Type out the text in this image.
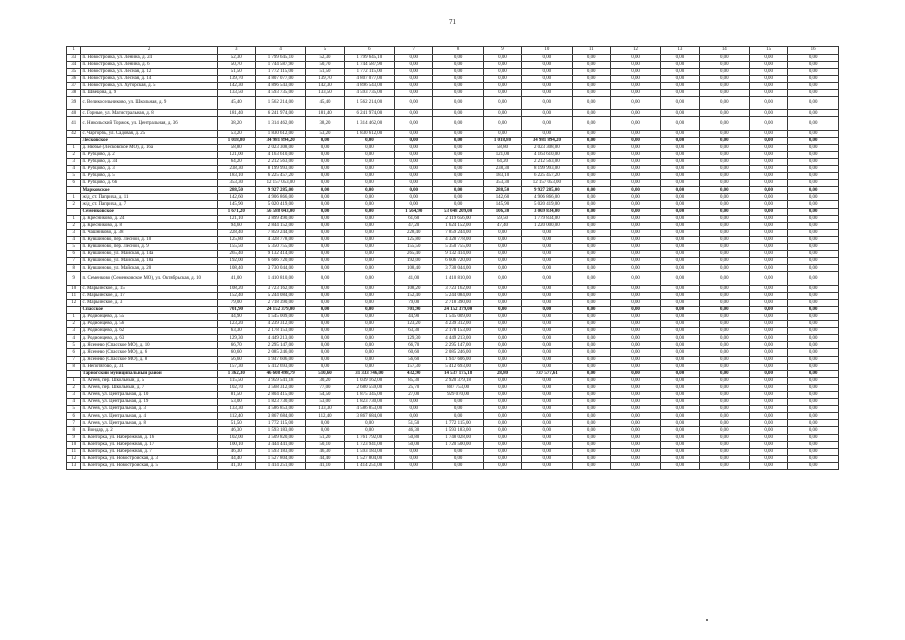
71
1	2	3	4	5	6	7	8	9	10	11	12	13	14	15	16
33	п. Новостройка, ул. Ленина, д. 24	52,30	1 799 645,10	52,30	1 799 645,10	0,00	0,00	0,00	0,00	0,00	0,00	0,00	0,00	0,00	0,00
34	п. Новостройка, ул. Ленина, д. 6	50,70	1 744 587,90	50,70	1 744 587,90	0,00	0,00	0,00	0,00	0,00	0,00	0,00	0,00	0,00	0,00
35	п. Новостройка, ул. Лесная, д. 12	51,50	1 772 115,00	51,50	1 772 115,00	0,00	0,00	0,00	0,00	0,00	0,00	0,00	0,00	0,00	0,00
36	п. Новостройка, ул. Лесная, д. 14	139,70	4 807 077,00	139,70	4 807 077,00	0,00	0,00	0,00	0,00	0,00	0,00	0,00	0,00	0,00	0,00
37	п. Новостройка, ул. Хуторская, д. 5	142,30	4 896 543,00	142,30	4 896 543,00	0,00	0,00	0,00	0,00	0,00	0,00	0,00	0,00	0,00	0,00
38	п. Швецова, д. 9	133,50	4 593 735,00	133,50	4 593 735,00	0,00	0,00	0,00	0,00	0,00	0,00	0,00	0,00	0,00	0,00
39	с. Великосельниково, ул. Школьная, д. 9	45,40	1 562 214,00	45,40	1 562 214,00	0,00	0,00	0,00	0,00	0,00	0,00	0,00	0,00	0,00	0,00
40	с. Горные, ул. Магистральная, д. 8	181,40	6 241 974,00	181,40	6 241 974,00	0,00	0,00	0,00	0,00	0,00	0,00	0,00	0,00	0,00	0,00
41	с. Никольский Торжок, ул. Центральная, д. 36	38,20	1 314 462,00	38,20	1 314 462,00	0,00	0,00	0,00	0,00	0,00	0,00	0,00	0,00	0,00	0,00
42	с. Чаргорбь, ул. Садовая, д. 25	53,20	1 830 612,00	53,20	1 830 612,00	0,00	0,00	0,00	0,00	0,00	0,00	0,00	0,00	0,00	0,00
	Лесковское	1 018,80	34 981 894,20	0,00	0,00	0,00	0,00	1 018,80	34 981 894,20	0,00	0,00	0,00	0,00	0,00	0,00
1	д. Нюбье (Лесковское МО), д. 16а	58,80	2 023 308,00	0,00	0,00	0,00	0,00	58,80	2 023 308,00	0,00	0,00	0,00	0,00	0,00	0,00
2	п. Рубцово, д. 2	121,00	4 163 610,00	0,00	0,00	0,00	0,00	121,00	4 163 610,00	0,00	0,00	0,00	0,00	0,00	0,00
3	п. Рубцово, д. 34	64,20	2 212 563,00	0,00	0,00	0,00	0,00	64,20	2 212 563,00	0,00	0,00	0,00	0,00	0,00	0,00
4	п. Рубцово, д. 3	238,30	8 199 993,00	0,00	0,00	0,00	0,00	238,30	8 199 993,00	0,00	0,00	0,00	0,00	0,00	0,00
5	п. Рубцово, д. 5	183,10	6 225 457,20	0,00	0,00	0,00	0,00	183,10	6 225 457,20	0,00	0,00	0,00	0,00	0,00	0,00
6	п. Рубцово, д. 6б	353,30	12 157 053,00	0,00	0,00	0,00	0,00	353,30	12 157 053,00	0,00	0,00	0,00	0,00	0,00	0,00
	Марковское	288,50	9 927 285,00	0,00	0,00	0,00	0,00	288,50	9 927 285,00	0,00	0,00	0,00	0,00	0,00	0,00
1	ж/д_ст. Паприха, д. 11	142,60	4 906 866,00	0,00	0,00	0,00	0,00	142,60	4 906 866,00	0,00	0,00	0,00	0,00	0,00	0,00
2	ж/д_ст. Паприха, д. 7	145,90	5 020 419,00	0,00	0,00	0,00	0,00	145,90	5 020 419,00	0,00	0,00	0,00	0,00	0,00	0,00
	Семенковское	1 671,20	56 588 043,00	0,00	0,00	1 564,90	53 048 209,00	106,30	3 069 834,00	0,00	0,00	0,00	0,00	0,00	0,00
1	д. Кресниково, д. 24	121,10	3 899 490,00	0,00	0,00	61,60	2 119 656,00	59,50	1 779 834,00	0,00	0,00	0,00	0,00	0,00	0,00
2	д. Кресниково, д. 8	94,60	2 844 152,00	0,00	0,00	47,20	1 624 152,00	47,40	1 220 000,00	0,00	0,00	0,00	0,00	0,00	0,00
3	п. Чашниково, д. 38	228,40	7 859 244,00	0,00	0,00	228,40	7 859 244,00	0,00	0,00	0,00	0,00	0,00	0,00	0,00	0,00
4	п. Кувшиново, пер. Лесной, д. 10	125,80	4 328 778,00	0,00	0,00	125,80	4 328 778,00	0,00	0,00	0,00	0,00	0,00	0,00	0,00	0,00
5	п. Кувшиново, пер. Лесной, д. 9	155,50	5 350 755,00	0,00	0,00	155,50	5 350 755,00	0,00	0,00	0,00	0,00	0,00	0,00	0,00	0,00
6	п. Кувшиново, ул. Майская, д. 14а	265,40	9 132 414,00	0,00	0,00	265,40	9 132 414,00	0,00	0,00	0,00	0,00	0,00	0,00	0,00	0,00
7	п. Кувшиново, ул. Майская, д. 18а	192,00	6 606 720,00	0,00	0,00	192,00	6 606 720,00	0,00	0,00	0,00	0,00	0,00	0,00	0,00	0,00
8	п. Кувшиново, ул. Майская, д. 20	108,40	3 730 044,00	0,00	0,00	108,40	3 730 044,00	0,00	0,00	0,00	0,00	0,00	0,00	0,00	0,00
9	п. Семенково (Семенковское МО), ул. Октябрьская, д. 10	41,00	1 410 810,00	0,00	0,00	41,00	1 410 810,00	0,00	0,00	0,00	0,00	0,00	0,00	0,00	0,00
10	с. Марьинское, д. 15	108,20	3 723 162,00	0,00	0,00	108,20	3 723 162,00	0,00	0,00	0,00	0,00	0,00	0,00	0,00	0,00
11	с. Марьинское, д. 17	152,40	5 244 084,00	0,00	0,00	152,40	5 244 084,00	0,00	0,00	0,00	0,00	0,00	0,00	0,00	0,00
12	с. Марьинское, д. 3	79,00	2 718 390,00	0,00	0,00	79,00	2 718 390,00	0,00	0,00	0,00	0,00	0,00	0,00	0,00	0,00
	Спасское	701,90	24 152 379,00	0,00	0,00	701,90	24 152 379,00	0,00	0,00	0,00	0,00	0,00	0,00	0,00	0,00
1	д. Родионцево, д. 55	44,90	1 545 009,00	0,00	0,00	44,90	1 545 009,00	0,00	0,00	0,00	0,00	0,00	0,00	0,00	0,00
2	д. Родионцево, д. 56	123,20	4 239 312,00	0,00	0,00	123,20	4 239 312,00	0,00	0,00	0,00	0,00	0,00	0,00	0,00	0,00
3	д. Родионцево, д. 62	63,30	2 178 153,00	0,00	0,00	63,30	2 178 153,00	0,00	0,00	0,00	0,00	0,00	0,00	0,00	0,00
4	д. Родионцево, д. 63	129,30	4 449 213,00	0,00	0,00	129,30	4 449 213,00	0,00	0,00	0,00	0,00	0,00	0,00	0,00	0,00
5	д. Ясенево (Спасское МО), д. 10	66,70	2 295 147,00	0,00	0,00	66,70	2 295 147,00	0,00	0,00	0,00	0,00	0,00	0,00	0,00	0,00
6	д. Ясенево (Спасское МО), д. 6	60,60	2 085 246,00	0,00	0,00	60,60	2 085 246,00	0,00	0,00	0,00	0,00	0,00	0,00	0,00	0,00
7	д. Ясенево (Спасское МО), д. 8	56,60	1 947 606,00	0,00	0,00	56,60	1 947 606,00	0,00	0,00	0,00	0,00	0,00	0,00	0,00	0,00
8	п. Непотягово, д. 31	157,30	5 412 693,00	0,00	0,00	157,30	5 412 693,00	0,00	0,00	0,00	0,00	0,00	0,00	0,00	0,00
	Тарногский муниципальный район	1 362,30	46 608 498,79	510,60	31 333 746,00	432,90	14 537 175,18	28,80	737 577,61	0,00	0,00	0,00	0,00	0,00	0,00
1	п. Агеев, пер. Школьный, д. 5	115,50	3 959 541,18	30,20	1 039 162,00	85,30	2 920 379,18	0,00	0,00	0,00	0,00	0,00	0,00	0,00	0,00
2	п. Агеев, пер. Школьный, д. 7	102,70	3 568 312,00	77,00	2 680 559,00	25,70	887 753,00	0,00	0,00	0,00	0,00	0,00	0,00	0,00	0,00
3	п. Агеев, ул. Центральная, д. 10	81,50	2 804 415,00	54,50	1 875 345,00	27,00	929 070,00	0,00	0,00	0,00	0,00	0,00	0,00	0,00	0,00
4	п. Агеев, ул. Центральная, д. 19	53,00	1 823 730,00	53,00	1 823 730,00	0,00	0,00	0,00	0,00	0,00	0,00	0,00	0,00	0,00	0,00
5	п. Агеев, ул. Центральная, д. 3	133,30	4 586 853,00	133,30	4 586 853,00	0,00	0,00	0,00	0,00	0,00	0,00	0,00	0,00	0,00	0,00
6	п. Агеев, ул. Центральная, д. 4	112,40	3 867 684,00	112,40	3 867 684,00	0,00	0,00	0,00	0,00	0,00	0,00	0,00	0,00	0,00	0,00
7	п. Агеев, ул. Центральная, д. 8	51,50	1 772 115,00	0,00	0,00	51,50	1 772 115,00	0,00	0,00	0,00	0,00	0,00	0,00	0,00	0,00
8	п. Вондар, д. 2	46,30	1 593 183,00	0,00	0,00	46,30	1 593 183,00	0,00	0,00	0,00	0,00	0,00	0,00	0,00	0,00
9	п. Конторка, ул. Набережная, д. 16	102,00	3 509 820,00	51,20	1 761 792,00	50,80	1 748 028,00	0,00	0,00	0,00	0,00	0,00	0,00	0,00	0,00
10	п. Конторка, ул. Набережная, д. 17	100,10	3 444 441,00	50,10	1 723 941,00	50,00	1 720 500,00	0,00	0,00	0,00	0,00	0,00	0,00	0,00	0,00
11	п. Конторка, ул. Набережная, д. 7	46,30	1 593 183,00	46,30	1 593 183,00	0,00	0,00	0,00	0,00	0,00	0,00	0,00	0,00	0,00	0,00
12	п. Конторка, ул. Новостройская, д. 3	44,40	1 527 804,00	44,40	1 527 804,00	0,00	0,00	0,00	0,00	0,00	0,00	0,00	0,00	0,00	0,00
13	п. Конторка, ул. Новостройская, д. 5	41,10	1 414 251,00	41,10	1 414 251,00	0,00	0,00	0,00	0,00	0,00	0,00	0,00	0,00	0,00	0,00
